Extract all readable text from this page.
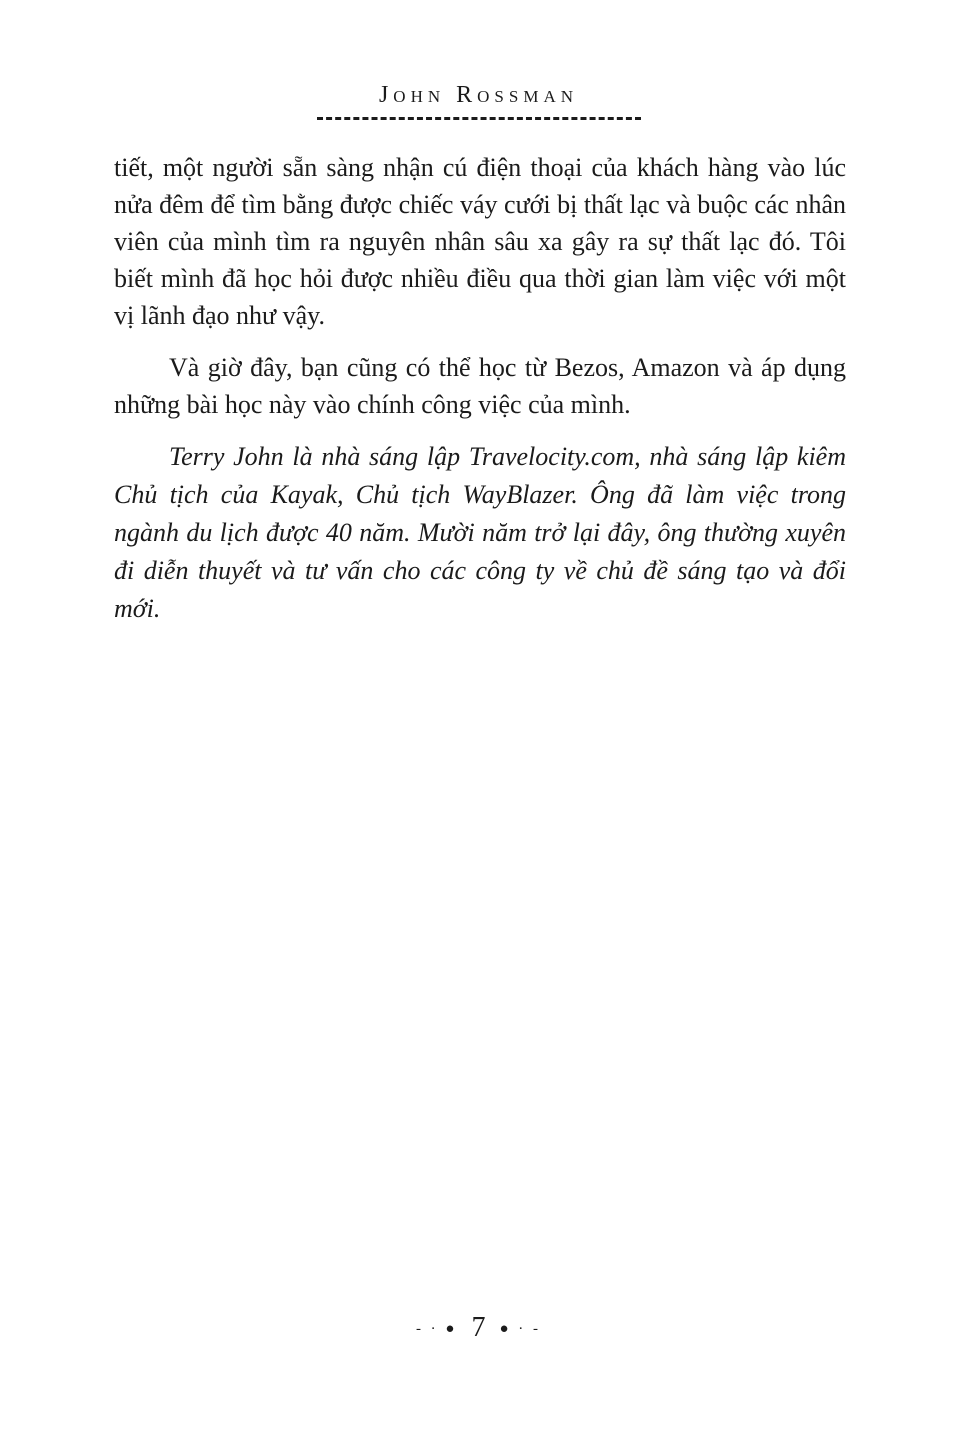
John Rossman

tiết, một người sẵn sàng nhận cú điện thoại của khách hàng vào lúc nửa đêm để tìm bằng được chiếc váy cưới bị thất lạc và buộc các nhân viên của mình tìm ra nguyên nhân sâu xa gây ra sự thất lạc đó. Tôi biết mình đã học hỏi được nhiều điều qua thời gian làm việc với một vị lãnh đạo như vậy.

Và giờ đây, bạn cũng có thể học từ Bezos, Amazon và áp dụng những bài học này vào chính công việc của mình.

Terry John là nhà sáng lập Travelocity.com, nhà sáng lập kiêm Chủ tịch của Kayak, Chủ tịch WayBlazer. Ông đã làm việc trong ngành du lịch được 40 năm. Mười năm trở lại đây, ông thường xuyên đi diễn thuyết và tư vấn cho các công ty về chủ đề sáng tạo và đổi mới.

- · ● 7 ● · -
